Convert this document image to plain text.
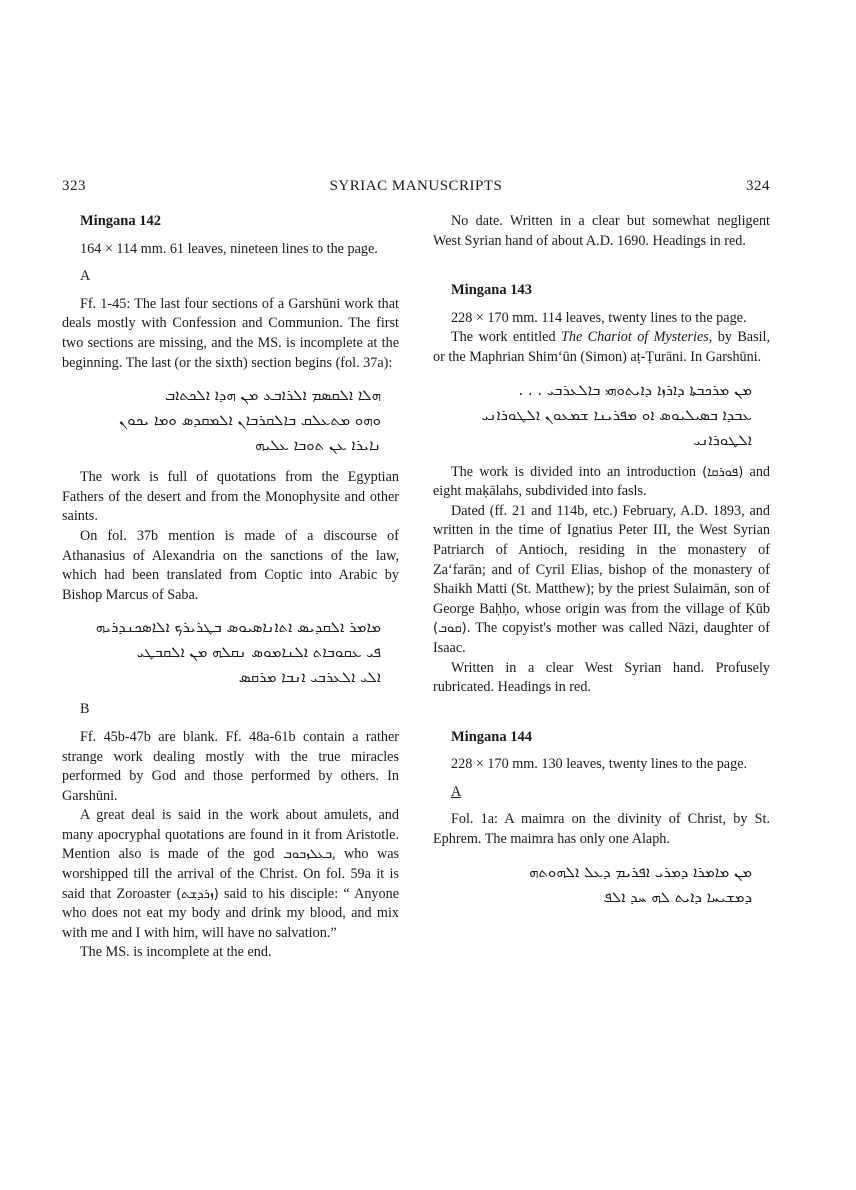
323	SYRIAC MANUSCRIPTS	324

Mingana 142

164 × 114 mm. 61 leaves, nineteen lines to the page.

A

Ff. 1-45: The last four sections of a Garshūni work that deals mostly with Confession and Communion. The first two sections are missing, and the MS. is incomplete at the beginning. The last (or the sixth) section begins (fol. 37a):

ܗܠܐ ܐܠܩܣܡ ܐܠܪܐܒܥ ܡܢ ܗܕܐ ܐܠܟܬܐܒ

ܘܗܘ ܡܬܥܠܩ ܒܐܠܩܪܒܐܢ ܐܠܡܩܕܣ ܘܡܐ ܝܟܘܢ

ܢܐܝܪܐ ܥܢ ܬܘܒܐ ܥܠܝܗ

The work is full of quotations from the Egyptian Fathers of the desert and from the Monophysite and other saints.

On fol. 37b mention is made of a discourse of Athanasius of Alexandria on the sanctions of the law, which had been translated from Coptic into Arabic by Bishop Marcus of Saba.

ܡܐܡܪ ܐܠܩܕܝܣ ܐܬܐܢܐܣܝܘܣ ܒܛܪܝܪܟ ܐܠܐܣܟܢܕܪܝܗ

ܦܝ ܥܩܘܒܐܬ ܐܠܢܐܡܘܣ ܢܩܠܗ ܡܢ ܐܠܩܒܛܝ

ܐܠܝ ܐܠܥܪܒܝ ܐܢܒܐ ܡܪܩܣ

B

Ff. 45b-47b are blank. Ff. 48a-61b contain a rather strange work dealing mostly with the true miracles performed by God and those performed by others. In Garshūni.

A great deal is said in the work about amulets, and many apocryphal quotations are found in it from Aristotle. Mention also is made of the god ܒܥܠܙܒܘܒ, who was worshipped till the arrival of the Christ. On fol. 59a it is said that Zoroaster (ܙܪܕܫܬ) said to his disciple: “ Anyone who does not eat my body and drink my blood, and mix with me and I with him, will have no salvation.”

The MS. is incomplete at the end.

No date. Written in a clear but somewhat negligent West Syrian hand of about A.D. 1690. Headings in red.

Mingana 143

228 × 170 mm. 114 leaves, twenty lines to the page.

The work entitled The Chariot of Mysteries, by Basil, or the Maphrian Shim‘ūn (Simon) aṭ-Ṭurāni. In Garshūni.

ܡܢ ܡܪܟܒܬܐ ܕܐܪܙܐ ܕܐܝܬܘܗܝ ܒܐܠܥܪܒܝ . . .

ܥܒܕܐ ܒܣܝܠܝܘܣ ܐܘ ܡܦܪܝܢܐ ܫܡܥܘܢ ܐܠܛܘܪܐܢܝ

ܐܠܛܘܪܐܢܝ

The work is divided into an introduction (ܦܘܪܩܐ) and eight maḳālahs, subdivided into fasls.

Dated (ff. 21 and 114b, etc.) February, A.D. 1893, and written in the time of Ignatius Peter III, the West Syrian Patriarch of Antioch, residing in the monastery of Za‘farān; and of Cyril Elias, bishop of the monastery of Shaikh Matti (St. Matthew); by the priest Sulaimān, son of George Baḥḥo, whose origin was from the village of Ḳūb (ܩܘܒ). The copyist's mother was called Nāzi, daughter of Isaac.

Written in a clear West Syrian hand. Profusely rubricated. Headings in red.

Mingana 144

228 × 170 mm. 130 leaves, twenty lines to the page.

A

Fol. 1a: A maimra on the divinity of Christ, by St. Ephrem. The maimra has only one Alaph.

ܡܢ ܡܐܡܪܐ ܕܡܪܝ ܐܦܪܝܡ ܕܥܠ ܐܠܗܘܬܗ

ܕܡܫܝܚܐ ܕܐܝܬ ܠܗ ܚܕ ܐܠܦ
